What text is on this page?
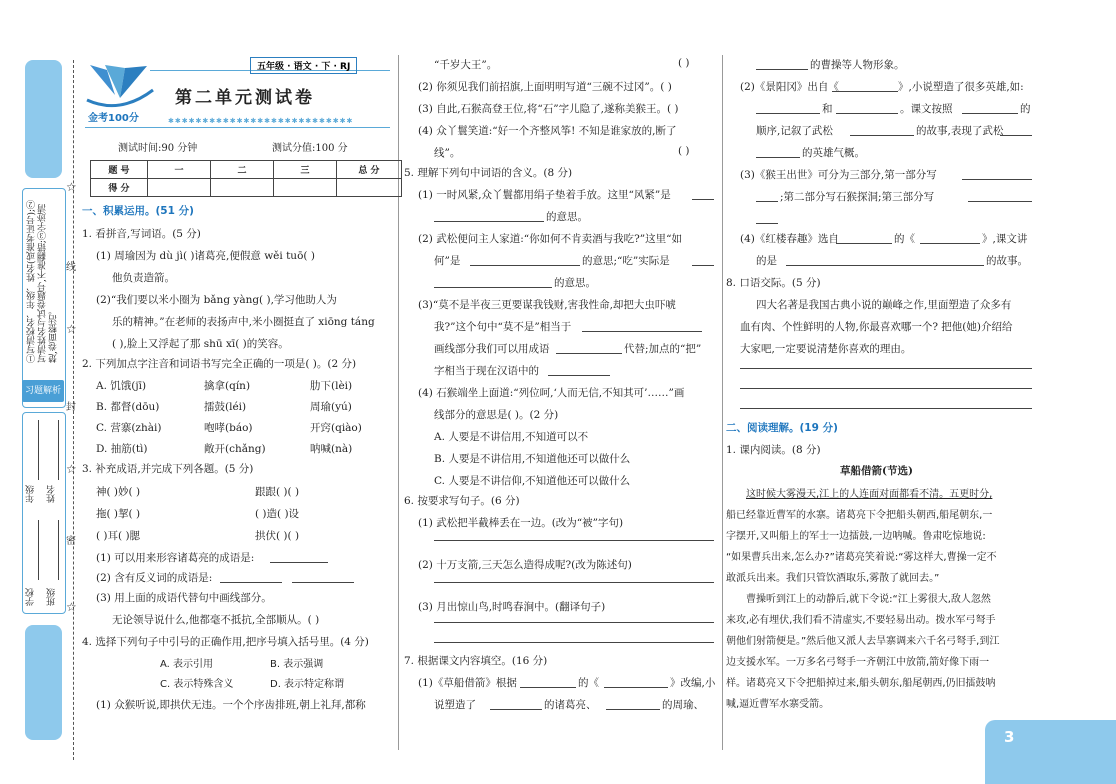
①写清校名、年级、姓名(或准考证号);②写清姓名与试卷题号,不准翻错;③字迹清楚,卷面整洁。
习题解析
年级 姓名
学校 班级
☆
☆
☆
☆
线
封
密
五年级 · 语文 · 下 · RJ
第二单元测试卷
金考100分	✱✱✱✱✱✱✱✱✱✱✱✱✱✱✱✱✱✱✱✱✱✱✱✱✱✱✱
测试时间:90 分钟	测试分值:100 分
题 号	一	二	三	总 分
得 分				
一、积累运用。(51 分)
1. 看拼音,写词语。(5 分)
(1) 周瑜因为 dù jì( )诸葛亮,便假意 wěi tuō( )
他负责造箭。
(2)“我们要以米小圈为 bǎng yàng( ),学习他助人为
乐的精神。”在老师的表扬声中,米小圈挺直了 xiōng táng
( ),脸上又浮起了那 shū xī( )的笑容。
2. 下列加点字注音和词语书写完全正确的一项是( )。(2 分)
A. 饥饿(jī)	擒拿(qín)	肋下(lèi)
B. 都督(dōu)	擂鼓(léi)	周瑜(yú)
C. 营寨(zhài)	咆哮(báo)	开窍(qiào)
D. 抽筋(tì)	敞开(chǎng)	呐喊(nà)
3. 补充成语,并完成下列各题。(5 分)
神( )妙( )	跟跟( )( )
拖( )挈( )	( )造( )设
( )耳( )腮	拱伏( )( )
(1) 可以用来形容诸葛亮的成语是:
(2) 含有反义词的成语是:
(3) 用上面的成语代替句中画线部分。
无论领导说什么,他都毫不抵抗,全部顺从。( )
4. 选择下列句子中引号的正确作用,把序号填入括号里。(4 分)
A. 表示引用	B. 表示强调
C. 表示特殊含义	D. 表示特定称谓
(1) 众猴听说,即拱伏无违。一个个序齿排班,朝上礼拜,都称
“千岁大王”。	( )
(2) 你须见我们前招旗,上面明明写道“三碗不过冈”。( )
(3) 自此,石猴高登王位,将“石”字儿隐了,遂称美猴王。( )
(4) 众丫鬟笑道:“好一个齐整风筝! 不知是谁家放的,断了
线”。	( )
5. 理解下列句中词语的含义。(8 分)
(1) 一时风紧,众丫鬟都用绢子垫着手放。这里“风紧”是
的意思。
(2) 武松便问主人家道:“你如何不肯卖酒与我吃?”这里“如
何”是	的意思;“吃”实际是
的意思。
(3)“莫不是半夜三更要谋我钱财,害我性命,却把大虫吓唬
我?”这个句中“莫不是”相当于
画线部分我们可以用成语	代替;加点的“把”
字相当于现在汉语中的
(4) 石猴端坐上面道:“列位呵,‘人而无信,不知其可’……”画
线部分的意思是( )。(2 分)
A. 人要是不讲信用,不知道可以不
B. 人要是不讲信用,不知道他还可以做什么
C. 人要是不讲信仰,不知道他还可以做什么
6. 按要求写句子。(6 分)
(1) 武松把半截棒丢在一边。(改为“被”字句)
(2) 十万支箭,三天怎么造得成呢?(改为陈述句)
(3) 月出惊山鸟,时鸣春涧中。(翻译句子)
7. 根据课文内容填空。(16 分)
(1)《草船借箭》根据	的《	》改编,小
说塑造了	的诸葛亮、	的周瑜、
的曹操等人物形象。
(2)《景阳冈》出自《	》,小说塑造了很多英雄,如:
和	。课文按照	的
顺序,记叙了武松	的故事,表现了武松
的英雄气概。
(3)《猴王出世》可分为三部分,第一部分写
;第二部分写石猴探洞;第三部分写
(4)《红楼春趣》选自	的《	》,课文讲
的是	的故事。
8. 口语交际。(5 分)
四大名著是我国古典小说的巅峰之作,里面塑造了众多有
血有肉、个性鲜明的人物,你最喜欢哪一个? 把他(她)介绍给
大家吧,一定要说清楚你喜欢的理由。
二、阅读理解。(19 分)
1. 课内阅读。(8 分)
草船借箭(节选)
这时候大雾漫天,江上的人连面对面都看不清。五更时分,
船已经靠近曹军的水寨。诸葛亮下令把船头朝西,船尾朝东,一
字摆开,又叫船上的军士一边擂鼓,一边呐喊。鲁肃吃惊地说:
“如果曹兵出来,怎么办?”诸葛亮笑着说:“雾这样大,曹操一定不
敢派兵出来。我们只管饮酒取乐,雾散了就回去。”
曹操听到江上的动静后,就下令说:“江上雾很大,敌人忽然
来攻,必有埋伏,我们看不清虚实,不要轻易出动。拨水军弓弩手
朝他们射箭便是。”然后他又派人去旱寨调来六千名弓弩手,到江
边支援水军。一万多名弓弩手一齐朝江中放箭,箭好像下雨一
样。诸葛亮又下令把船掉过来,船头朝东,船尾朝西,仍旧擂鼓呐
喊,逼近曹军水寨受箭。
3
